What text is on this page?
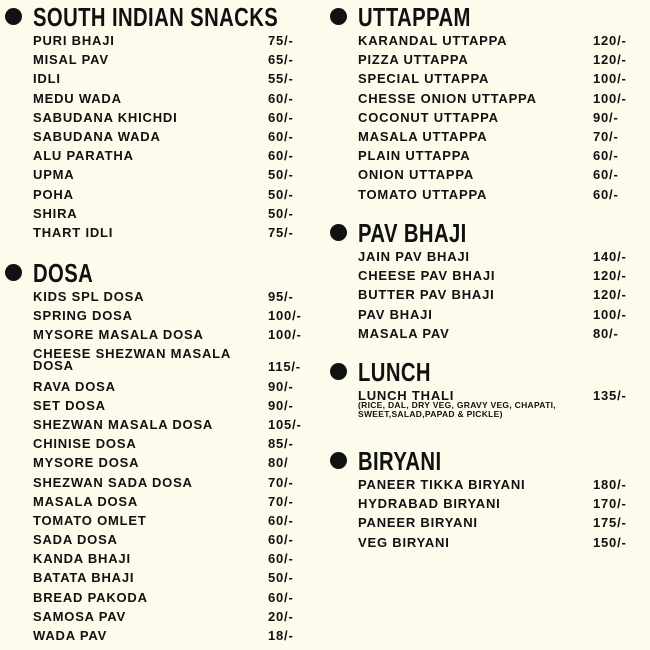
SOUTH INDIAN SNACKS
PURI BHAJI	75/-
MISAL PAV	65/-
IDLI	55/-
MEDU WADA	60/-
SABUDANA KHICHDI	60/-
SABUDANA WADA	60/-
ALU PARATHA	60/-
UPMA	50/-
POHA	50/-
SHIRA	50/-
THART IDLI	75/-
DOSA
KIDS SPL DOSA	95/-
SPRING DOSA	100/-
MYSORE MASALA DOSA	100/-
CHEESE SHEZWAN MASALA DOSA	115/-
RAVA DOSA	90/-
SET DOSA	90/-
SHEZWAN MASALA DOSA	105/-
CHINISE DOSA	85/-
MYSORE DOSA	80/
SHEZWAN SADA DOSA	70/-
MASALA DOSA	70/-
TOMATO OMLET	60/-
SADA DOSA	60/-
KANDA BHAJI	60/-
BATATA BHAJI	50/-
BREAD PAKODA	60/-
SAMOSA PAV	20/-
WADA PAV	18/-
UTTAPPAM
KARANDAL UTTAPPA	120/-
PIZZA UTTAPPA	120/-
SPECIAL UTTAPPA	100/-
CHESSE ONION UTTAPPA	100/-
COCONUT UTTAPPA	90/-
MASALA UTTAPPA	70/-
PLAIN UTTAPPA	60/-
ONION UTTAPPA	60/-
TOMATO UTTAPPA	60/-
PAV BHAJI
JAIN PAV BHAJI	140/-
CHEESE PAV BHAJI	120/-
BUTTER PAV BHAJI	120/-
PAV BHAJI	100/-
MASALA PAV	80/-
LUNCH
LUNCH THALI	135/-
(RICE, DAL, DRY VEG, GRAVY VEG, CHAPATI, SWEET,SALAD,PAPAD & PICKLE)
BIRYANI
PANEER TIKKA BIRYANI	180/-
HYDRABAD BIRYANI	170/-
PANEER BIRYANI	175/-
VEG BIRYANI	150/-
